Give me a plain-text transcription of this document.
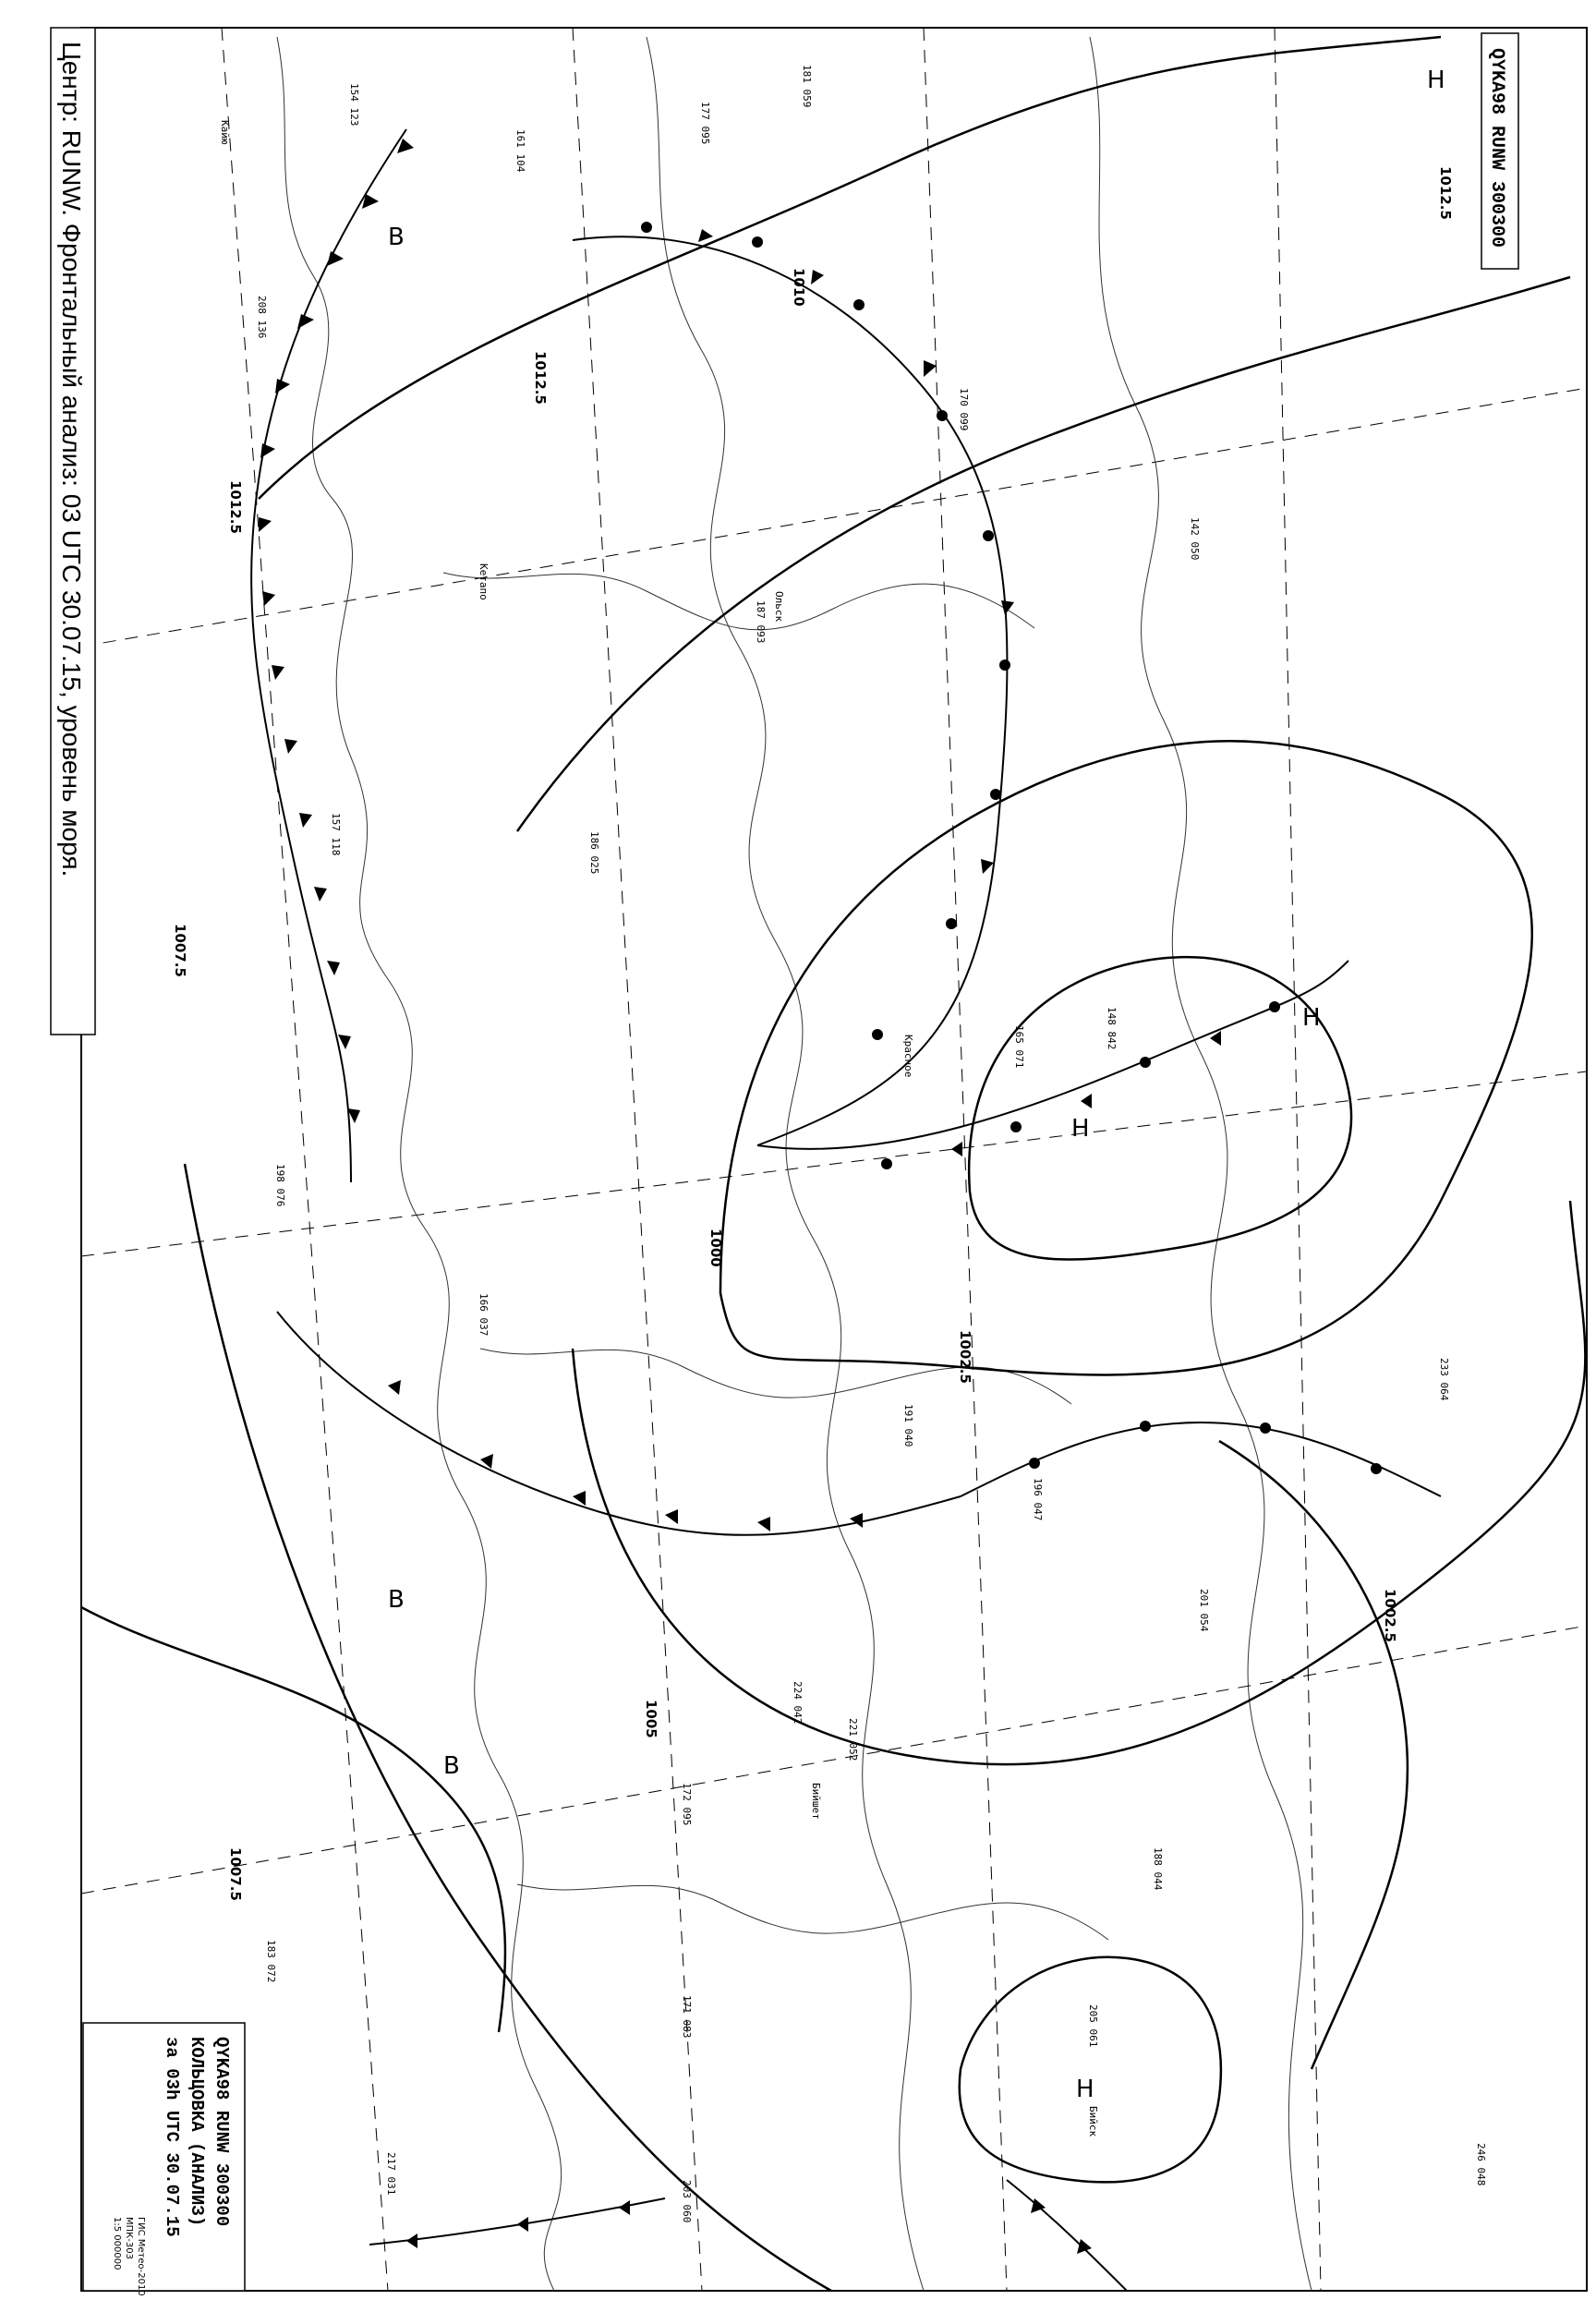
1002.5
1005
1007.5
1010
1012.5
1000
1002.5
1012.5
1007.5
1012.5
Н
Н
Н
Н
В
В
В
154 123	181 059
161 104
170 099
187 093
186 025
191 040
196 047
201 054
208 136
183 072
217 031
224 042
205 061
188 044
171 083
165 071	148 842
157 118
177 095
142 050
198 076
233 064
246 048
221 052
172 095
166 037
203 060
Кетапо
Ольск
Красное
Бийск
Бийшет
Кайю
Центр: RUNW. Фронтальный анализ: 03 UTC 30.07.15, уровень моря.	QYKA98 RUNW 300300
QYKA98 RUNW 300300
КОЛЬЦОВКА (АНАЛИЗ)
за 03h UTC 30.07.15
ГИС Метео-2010
МПК-303
1:5 000000
